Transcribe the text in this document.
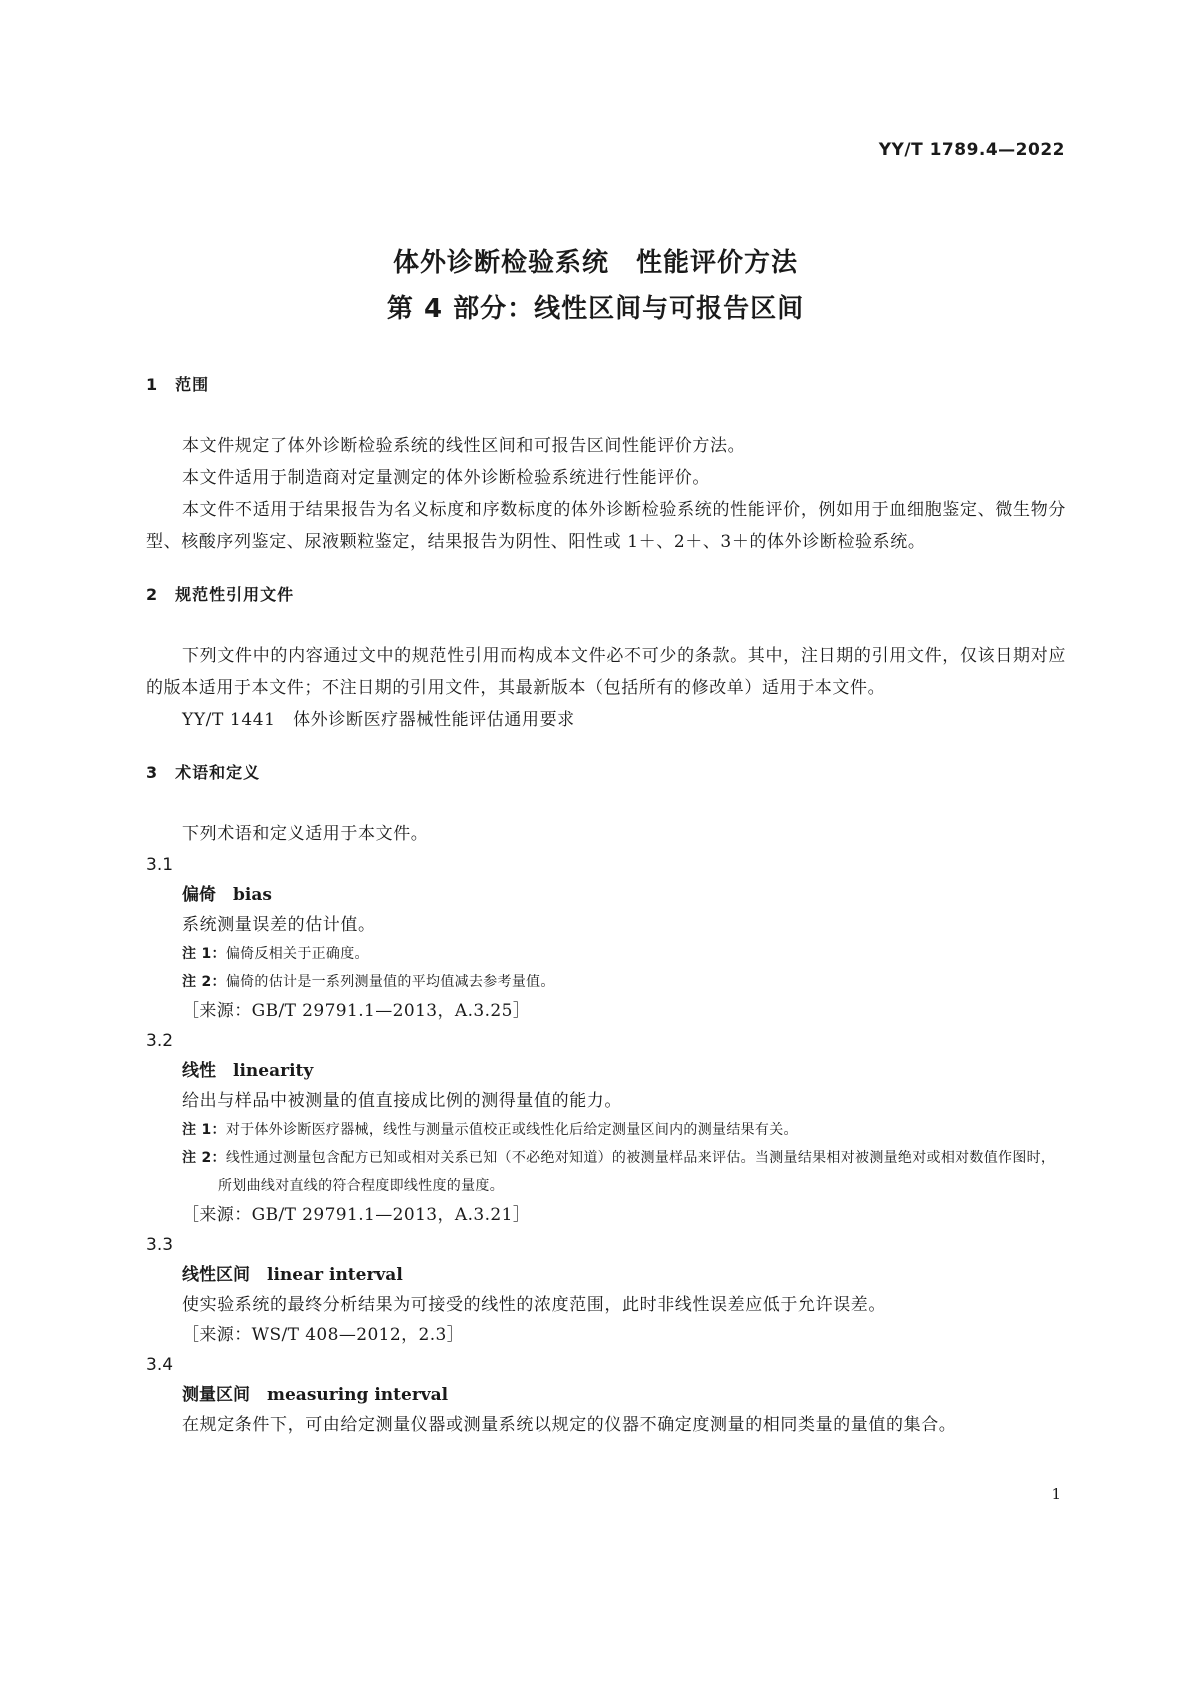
YY/T 1789.4—2022
体外诊断检验系统　性能评价方法
第 4 部分：线性区间与可报告区间
1　范围

本文件规定了体外诊断检验系统的线性区间和可报告区间性能评价方法。

本文件适用于制造商对定量测定的体外诊断检验系统进行性能评价。

本文件不适用于结果报告为名义标度和序数标度的体外诊断检验系统的性能评价，例如用于血细胞鉴定、微生物分型、核酸序列鉴定、尿液颗粒鉴定，结果报告为阴性、阳性或 1＋、2＋、3＋的体外诊断检验系统。

2　规范性引用文件

下列文件中的内容通过文中的规范性引用而构成本文件必不可少的条款。其中，注日期的引用文件，仅该日期对应的版本适用于本文件；不注日期的引用文件，其最新版本（包括所有的修改单）适用于本文件。

YY/T 1441　体外诊断医疗器械性能评估通用要求
3　术语和定义
下列术语和定义适用于本文件。
3.1
偏倚　 bias
系统测量误差的估计值。
注 1：偏倚反相关于正确度。
注 2：偏倚的估计是一系列测量值的平均值减去参考量值。
［来源：GB/T 29791.1—2013，A.3.25］
3.2
线性　 linearity
给出与样品中被测量的值直接成比例的测得量值的能力。
注 1：对于体外诊断医疗器械，线性与测量示值校正或线性化后给定测量区间内的测量结果有关。
注 2：线性通过测量包含配方已知或相对关系已知（不必绝对知道）的被测量样品来评估。当测量结果相对被测量绝对或相对数值作图时，所划曲线对直线的符合程度即线性度的量度。
［来源：GB/T 29791.1—2013，A.3.21］
3.3
线性区间　 linear interval
使实验系统的最终分析结果为可接受的线性的浓度范围，此时非线性误差应低于允许误差。
［来源：WS/T 408—2012，2.3］
3.4
测量区间　 measuring interval
在规定条件下，可由给定测量仪器或测量系统以规定的仪器不确定度测量的相同类量的量值的集合。
1
